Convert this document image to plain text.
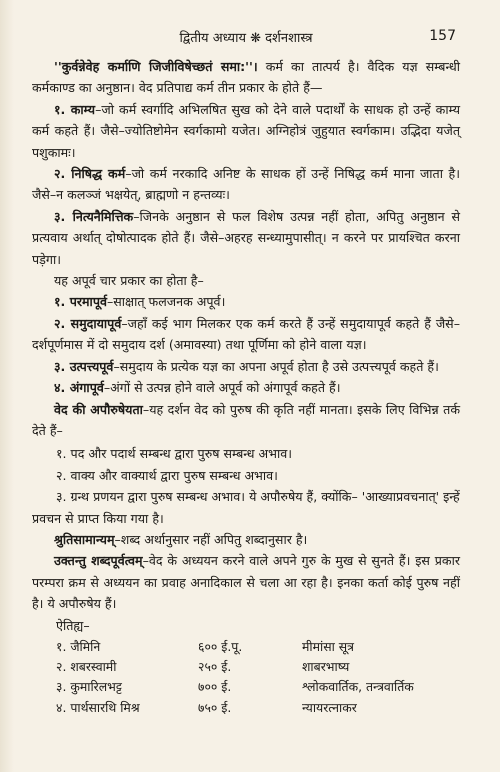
द्वितीय अध्याय ❋ दर्शनशास्त्र	157

''कुर्वन्नेवेह कर्माणि जिजीविषेच्छतं समा:''। कर्म का तात्पर्य है। वैदिक यज्ञ सम्बन्धी कर्मकाण्ड का अनुष्ठान। वेद प्रतिपाद्य कर्म तीन प्रकार के होते हैं—

१. काम्य–जो कर्म स्वर्गादि अभिलषित सुख को देने वाले पदार्थों के साधक हो उन्हें काम्य कर्म कहते हैं। जैसे–ज्योतिष्टोमेन स्वर्गकामो यजेत। अग्निहोत्रं जुहुयात स्वर्गकाम। उद्भिदा यजेत् पशुकामः।

२. निषिद्ध कर्म–जो कर्म नरकादि अनिष्ट के साधक हों उन्हें निषिद्ध कर्म माना जाता है। जैसे–न कलञ्जं भक्षयेत्, ब्राह्मणो न हन्तव्यः।

३. नित्यनैमित्तिक–जिनके अनुष्ठान से फल विशेष उत्पन्न नहीं होता, अपितु अनुष्ठान से प्रत्यवाय अर्थात् दोषोत्पादक होते हैं। जैसे–अहरह सन्ध्यामुपासीत्। न करने पर प्रायश्चित करना पड़ेगा।

यह अपूर्व चार प्रकार का होता है–

१. परमापूर्व–साक्षात् फलजनक अपूर्व।

२. समुदायापूर्व–जहाँ कई भाग मिलकर एक कर्म करते हैं उन्हें समुदायापूर्व कहते हैं जैसे–दर्शपूर्णमास में दो समुदाय दर्श (अमावस्या) तथा पूर्णिमा को होने वाला यज्ञ।

३. उत्पत्त्यपूर्व–समुदाय के प्रत्येक यज्ञ का अपना अपूर्व होता है उसे उत्पत्त्यपूर्व कहते हैं।

४. अंगापूर्व–अंगों से उत्पन्न होने वाले अपूर्व को अंगापूर्व कहते हैं।

वेद की अपौरुषेयता–यह दर्शन वेद को पुरुष की कृति नहीं मानता। इसके लिए विभिन्न तर्क देते हैं–

१. पद और पदार्थ सम्बन्ध द्वारा पुरुष सम्बन्ध अभाव।
२. वाक्य और वाक्यार्थ द्वारा पुरुष सम्बन्ध अभाव।
३. ग्रन्थ प्रणयन द्वारा पुरुष सम्बन्ध अभाव। ये अपौरुषेय हैं, क्योंकि– 'आख्याप्रवचनात्' इन्हें प्रवचन से प्राप्त किया गया है।

श्रुतिसामान्यम्–शब्द अर्थानुसार नहीं अपितु शब्दानुसार है।

उक्तन्तु शब्दपूर्वत्वम्–वेद के अध्ययन करने वाले अपने गुरु के मुख से सुनते हैं। इस प्रकार परम्परा क्रम से अध्ययन का प्रवाह अनादिकाल से चला आ रहा है। इनका कर्ता कोई पुरुष नहीं है। ये अपौरुषेय हैं।

ऐतिह्य–
१. जैमिनि	६०० ई.पू.		मीमांसा सूत्र
२. शबरस्वामी	२५० ई.		शाबरभाष्य
३. कुमारिलभट्ट	७०० ई.		श्लोकवार्तिक, तन्त्रवार्तिक
४. पार्थसारथि मिश्र	७५० ई.		न्यायरत्नाकर
